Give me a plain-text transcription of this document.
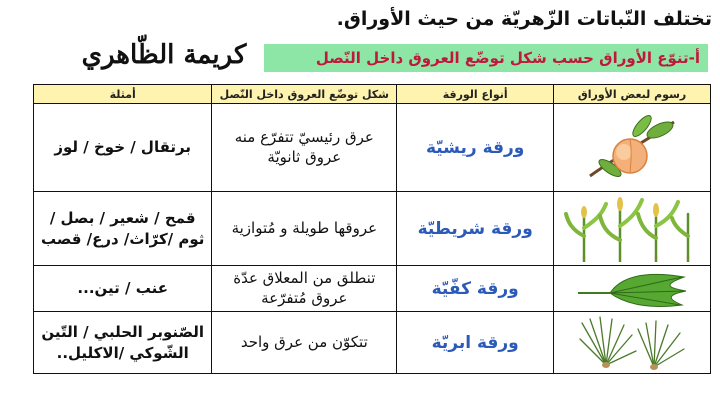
تختلف النّباتات الزّهريّة من حيث الأوراق.
كريمة الظّاهري	أ-تنوّع الأوراق حسب شكل توضّع العروق داخل النّصل
رسوم لبعض الأوراق	أنواع الورقة	شكل توضّع العروق داخل النّصل	أمثلة

	ورقة ريشيّة	عرق رئيسيّ تتفرّع منه عروق ثانويّة	برتقال / خوخ / لوز

	ورقة شريطيّة	عروقها طويلة و مُتوازية	قمح / شعير / بصل / ثوم /كرّاث/ درع/ قصب

	ورقة كفّيّة	تنطلق من المعلاق عدّة عروق مُتفرّعة	عنب / تين...

	ورقة ابريّة	تتكوّن من عرق واحد	الصّنوبر الحلبي / التّين الشّوكي /الاكليل..
